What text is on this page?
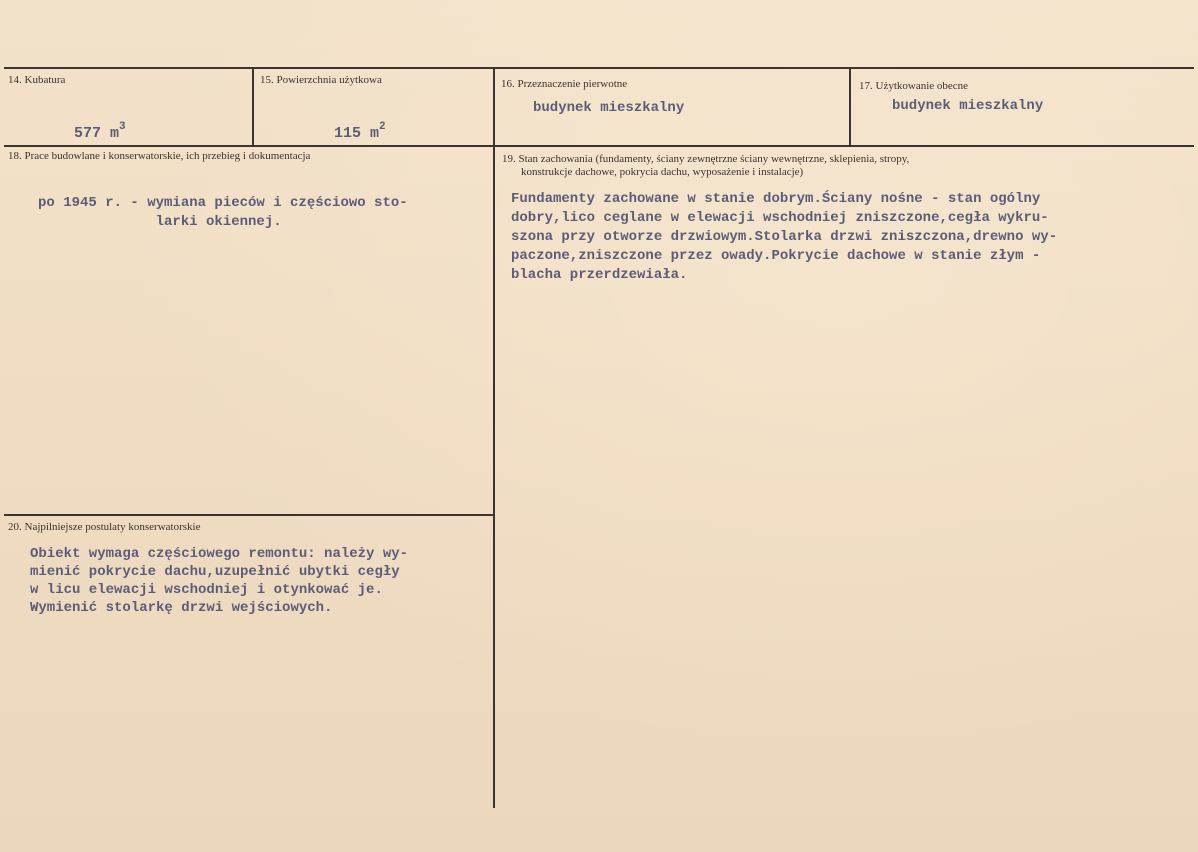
14. Kubatura

577 $m^3$

15. Powierzchnia użytkowa

115 $m^2$

16. Przeznaczenie pierwotne
budynek mieszkalny
17. Użytkowanie obecne
budynek mieszkalny
18. Prace budowlane i konserwatorskie, ich przebieg i dokumentacja
po 1945 r. - wymiana pieców i częściowo sto-
larki okiennej.
19. Stan zachowania (fundamenty, ściany zewnętrzne ściany wewnętrzne, sklepienia, stropy,
konstrukcje dachowe, pokrycia dachu, wyposażenie i instalacje)
Fundamenty zachowane w stanie dobrym.Ściany nośne - stan ogólny
dobry,lico ceglane w elewacji wschodniej zniszczone,cegła wykru-
szona przy otworze drzwiowym.Stolarka drzwi zniszczona,drewno wy-
paczone,zniszczone przez owady.Pokrycie dachowe w stanie złym -
blacha przerdzewiała.
20. Najpilniejsze postulaty konserwatorskie
Obiekt wymaga częściowego remontu: należy wy-
mienić pokrycie dachu,uzupełnić ubytki cegły
w licu elewacji wschodniej i otynkować je.
Wymienić stolarkę drzwi wejściowych.
